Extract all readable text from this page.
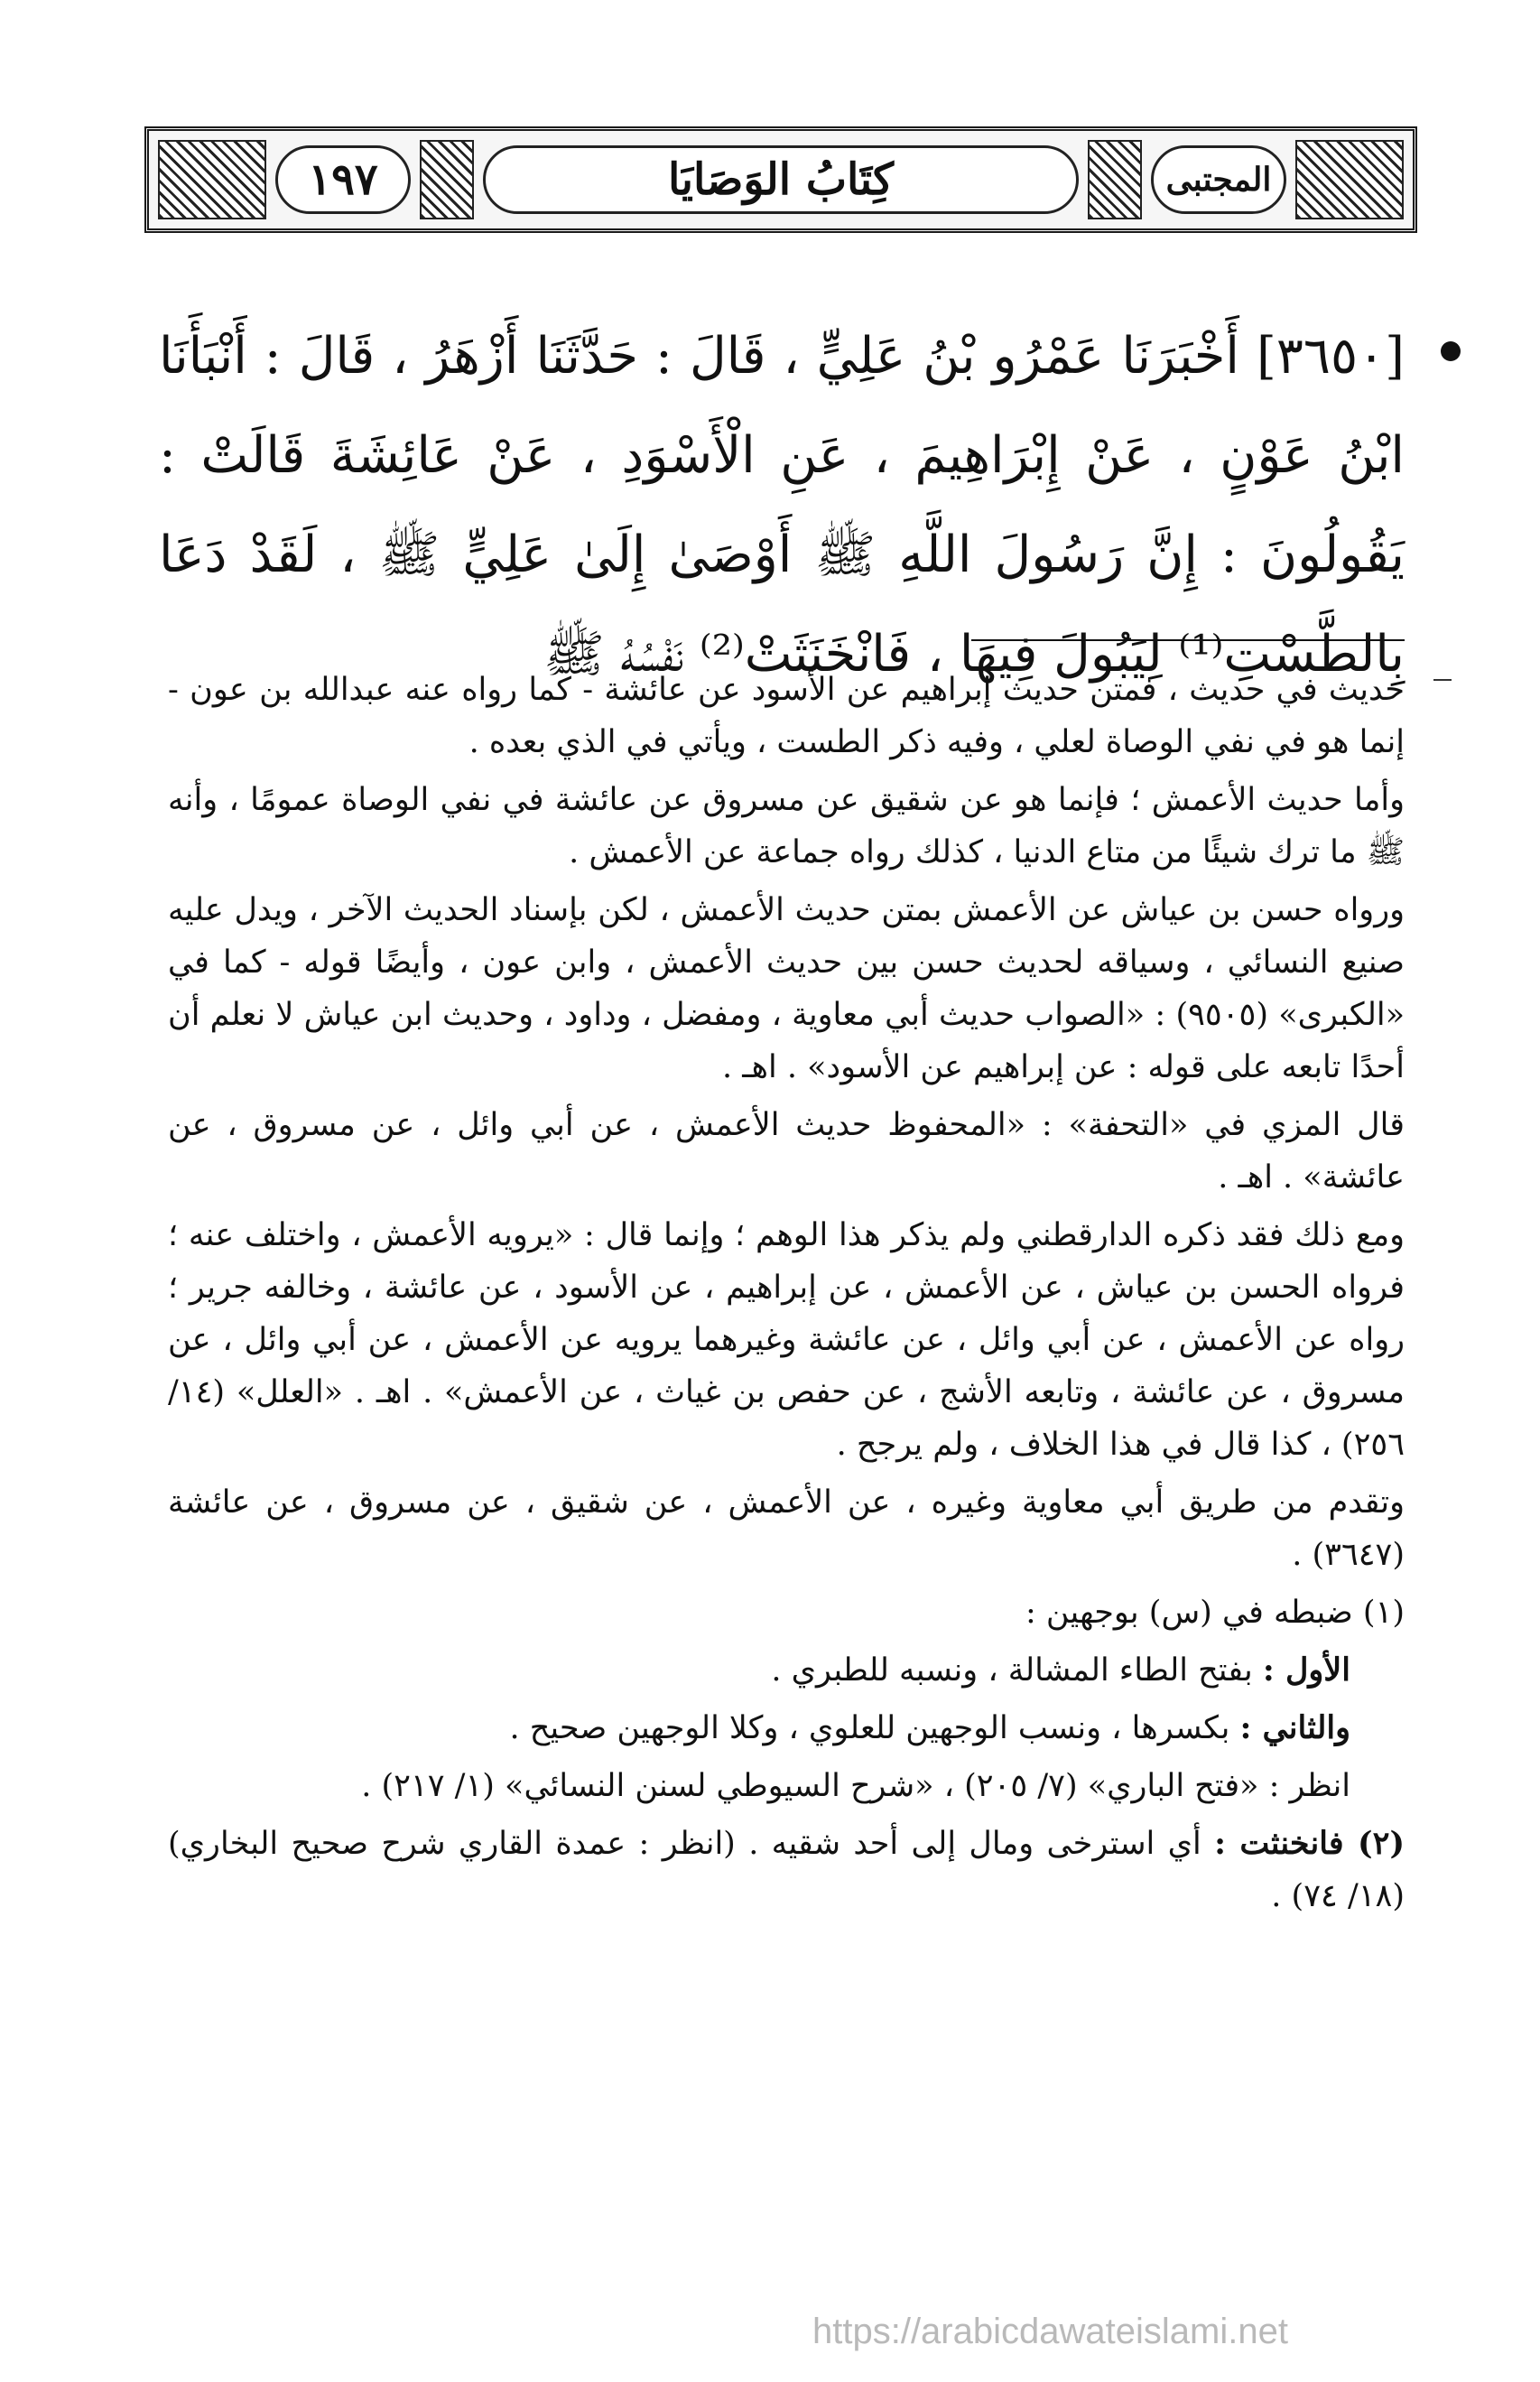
١٩٧	كِتَابُ الوَصَايَا	المجتبى

[٣٦٥٠] أَخْبَرَنَا عَمْرُو بْنُ عَلِيٍّ ، قَالَ : حَدَّثَنَا أَزْهَرُ ، قَالَ : أَنْبَأَنَا ابْنُ عَوْنٍ ، عَنْ إِبْرَاهِيمَ ، عَنِ الْأَسْوَدِ ، عَنْ عَائِشَةَ قَالَتْ : يَقُولُونَ : إِنَّ رَسُولَ اللَّهِ ﷺ أَوْصَىٰ إِلَىٰ عَلِيٍّ ﷺ ، لَقَدْ دَعَا بِالطَّسْتِ⁽¹⁾ لِيَبُولَ فِيهَا ، فَانْخَنَثَتْ⁽²⁾ نَفْسُهُ ﷺ

حديث في حديث ، فمتن حديث إبراهيم عن الأسود عن عائشة - كما رواه عنه عبدالله بن عون - إنما هو في نفي الوصاة لعلي ، وفيه ذكر الطست ، ويأتي في الذي بعده .

وأما حديث الأعمش ؛ فإنما هو عن شقيق عن مسروق عن عائشة في نفي الوصاة عمومًا ، وأنه ﷺ ما ترك شيئًا من متاع الدنيا ، كذلك رواه جماعة عن الأعمش .

ورواه حسن بن عياش عن الأعمش بمتن حديث الأعمش ، لكن بإسناد الحديث الآخر ، ويدل عليه صنيع النسائي ، وسياقه لحديث حسن بين حديث الأعمش ، وابن عون ، وأيضًا قوله - كما في «الكبرى» (٩٥٠٥) : «الصواب حديث أبي معاوية ، ومفضل ، وداود ، وحديث ابن عياش لا نعلم أن أحدًا تابعه على قوله : عن إبراهيم عن الأسود» . اهـ .

قال المزي في «التحفة» : «المحفوظ حديث الأعمش ، عن أبي وائل ، عن مسروق ، عن عائشة» . اهـ .

ومع ذلك فقد ذكره الدارقطني ولم يذكر هذا الوهم ؛ وإنما قال : «يرويه الأعمش ، واختلف عنه ؛ فرواه الحسن بن عياش ، عن الأعمش ، عن إبراهيم ، عن الأسود ، عن عائشة ، وخالفه جرير ؛ رواه عن الأعمش ، عن أبي وائل ، عن عائشة وغيرهما يرويه عن الأعمش ، عن أبي وائل ، عن مسروق ، عن عائشة ، وتابعه الأشج ، عن حفص بن غياث ، عن الأعمش» . اهـ . «العلل» (١٤/ ٢٥٦) ، كذا قال في هذا الخلاف ، ولم يرجح .

وتقدم من طريق أبي معاوية وغيره ، عن الأعمش ، عن شقيق ، عن مسروق ، عن عائشة (٣٦٤٧) .

(١) ضبطه في (س) بوجهين :

الأول : بفتح الطاء المشالة ، ونسبه للطبري .

والثاني : بكسرها ، ونسب الوجهين للعلوي ، وكلا الوجهين صحيح .

انظر : «فتح الباري» (٧/ ٢٠٥) ، «شرح السيوطي لسنن النسائي» (١/ ٢١٧) .

(٢) فانخنثت : أي استرخى ومال إلى أحد شقيه . (انظر : عمدة القاري شرح صحيح البخاري) (١٨/ ٧٤) .

https://arabicdawateislami.net
